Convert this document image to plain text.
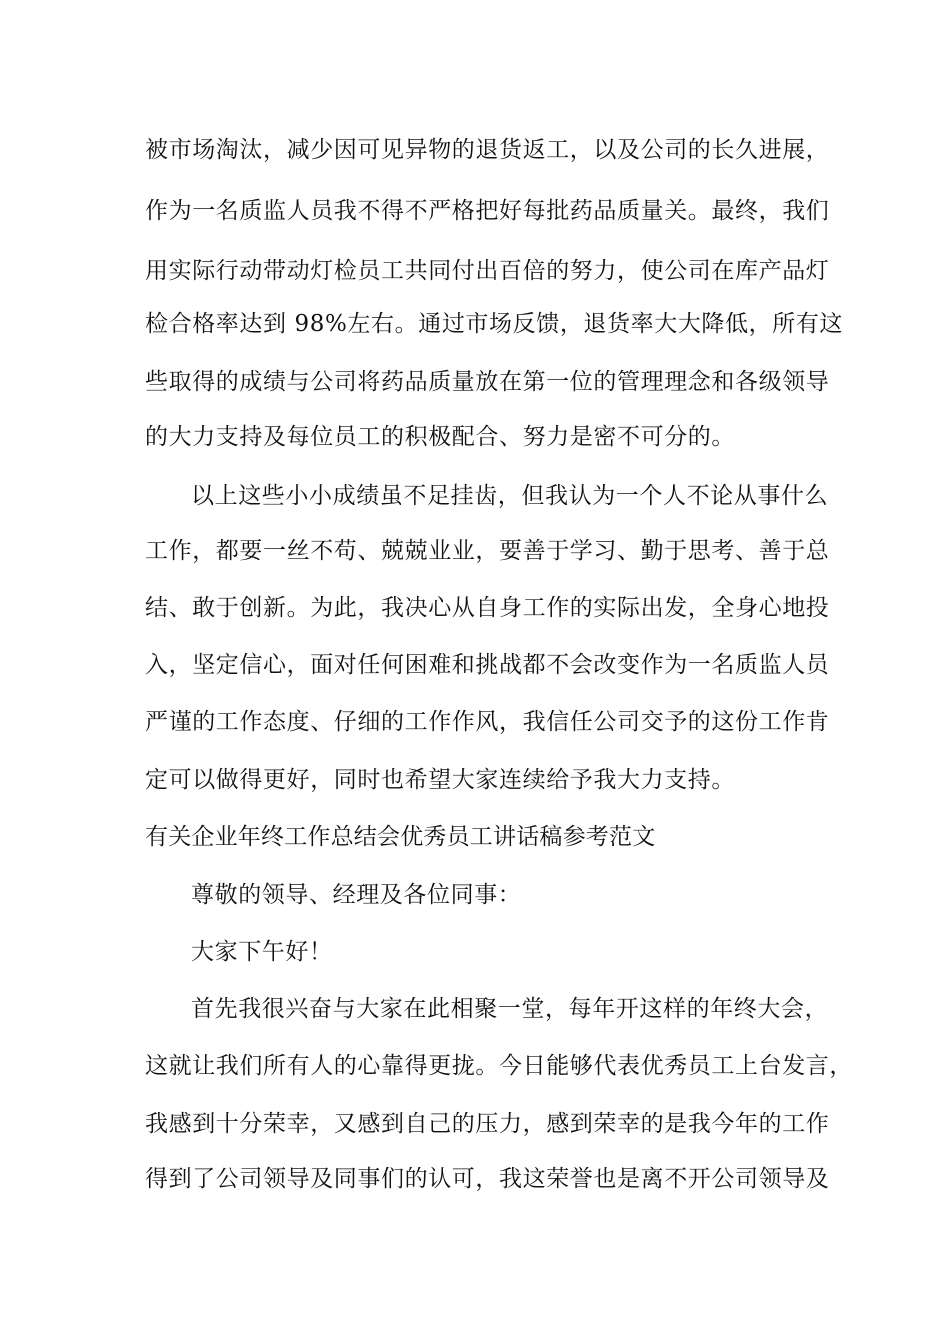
被市场淘汰，减少因可见异物的退货返工，以及公司的长久进展，
作为一名质监人员我不得不严格把好每批药品质量关。最终，我们
用实际行动带动灯检员工共同付出百倍的努力，使公司在库产品灯
检合格率达到 98%左右。通过市场反馈，退货率大大降低，所有这
些取得的成绩与公司将药品质量放在第一位的管理理念和各级领导
的大力支持及每位员工的积极配合、努力是密不可分的。
以上这些小小成绩虽不足挂齿，但我认为一个人不论从事什么
工作，都要一丝不苟、兢兢业业，要善于学习、勤于思考、善于总
结、敢于创新。为此，我决心从自身工作的实际出发，全身心地投
入，坚定信心，面对任何困难和挑战都不会改变作为一名质监人员
严谨的工作态度、仔细的工作作风，我信任公司交予的这份工作肯
定可以做得更好，同时也希望大家连续给予我大力支持。
有关企业年终工作总结会优秀员工讲话稿参考范文
尊敬的领导、经理及各位同事：
大家下午好！
首先我很兴奋与大家在此相聚一堂，每年开这样的年终大会，
这就让我们所有人的心靠得更拢。今日能够代表优秀员工上台发言，
我感到十分荣幸，又感到自己的压力，感到荣幸的是我今年的工作
得到了公司领导及同事们的认可，我这荣誉也是离不开公司领导及
